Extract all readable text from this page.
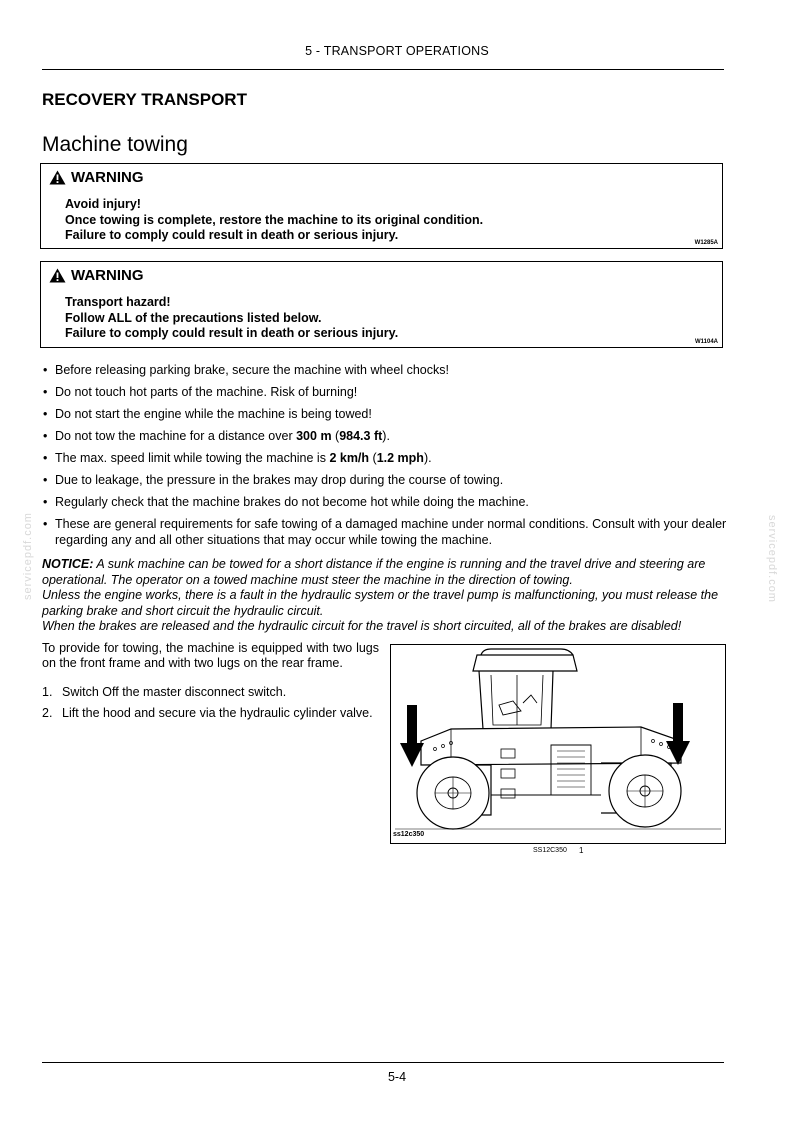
5 - TRANSPORT OPERATIONS
RECOVERY TRANSPORT
Machine towing
WARNING
Avoid injury!
Once towing is complete, restore the machine to its original condition.
Failure to comply could result in death or serious injury.
W1285A
WARNING
Transport hazard!
Follow ALL of the precautions listed below.
Failure to comply could result in death or serious injury.
W1104A
• Before releasing parking brake, secure the machine with wheel chocks!
• Do not touch hot parts of the machine. Risk of burning!
• Do not start the engine while the machine is being towed!
• Do not tow the machine for a distance over 300 m (984.3 ft).
• The max. speed limit while towing the machine is 2 km/h (1.2 mph).
• Due to leakage, the pressure in the brakes may drop during the course of towing.
• Regularly check that the machine brakes do not become hot while doing the machine.
• These are general requirements for safe towing of a damaged machine under normal conditions. Consult with your dealer regarding any and all other situations that may occur while towing the machine.

NOTICE: A sunk machine can be towed for a short distance if the engine is running and the travel drive and steering are operational. The operator on a towed machine must steer the machine in the direction of towing.

Unless the engine works, there is a fault in the hydraulic system or the travel pump is malfunctioning, you must release the parking brake and short circuit the hydraulic circuit.

When the brakes are released and the hydraulic circuit for the travel is short circuited, all of the brakes are disabled!

To provide for towing, the machine is equipped with two lugs on the front frame and with two lugs on the rear frame.

1. Switch Off the master disconnect switch.
2. Lift the hood and secure via the hydraulic cylinder valve.
ss12c350
SS12C350 1
servicepdf.com	servicepdf.com
5-4
